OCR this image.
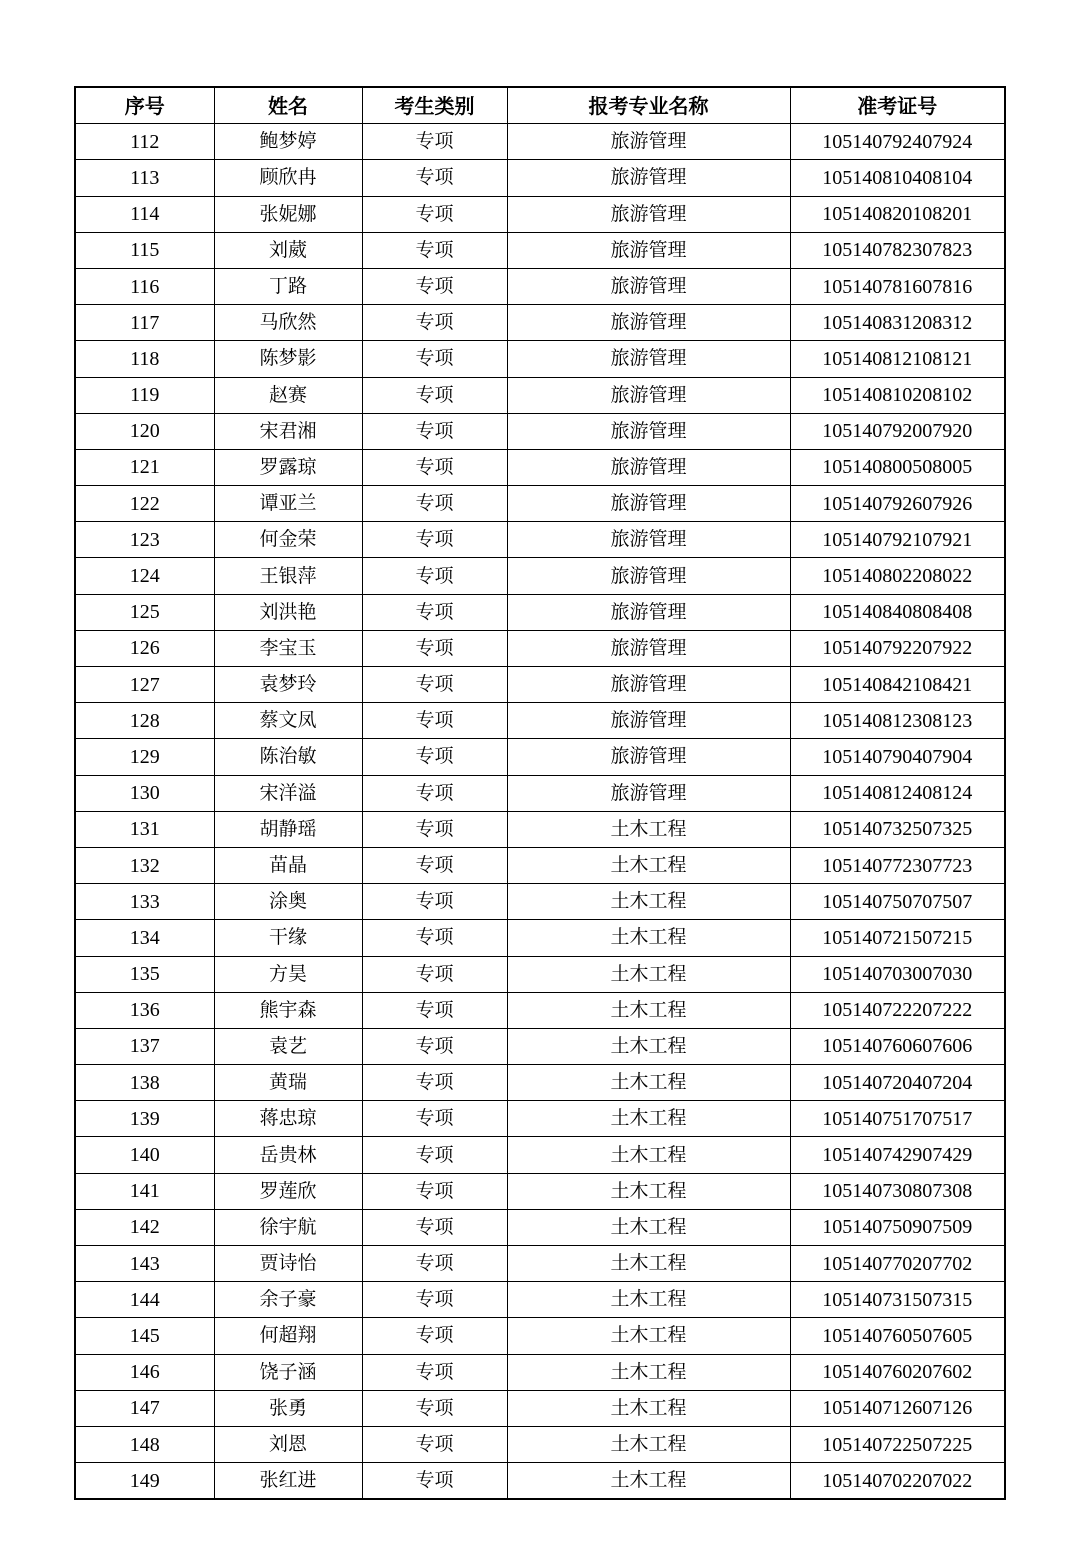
序号	姓名	考生类别	报考专业名称	准考证号
112	鲍梦婷	专项	旅游管理	105140792407924
113	顾欣冉	专项	旅游管理	105140810408104
114	张妮娜	专项	旅游管理	105140820108201
115	刘葳	专项	旅游管理	105140782307823
116	丁路	专项	旅游管理	105140781607816
117	马欣然	专项	旅游管理	105140831208312
118	陈梦影	专项	旅游管理	105140812108121
119	赵赛	专项	旅游管理	105140810208102
120	宋君湘	专项	旅游管理	105140792007920
121	罗露琼	专项	旅游管理	105140800508005
122	谭亚兰	专项	旅游管理	105140792607926
123	何金荣	专项	旅游管理	105140792107921
124	王银萍	专项	旅游管理	105140802208022
125	刘洪艳	专项	旅游管理	105140840808408
126	李宝玉	专项	旅游管理	105140792207922
127	袁梦玲	专项	旅游管理	105140842108421
128	蔡文凤	专项	旅游管理	105140812308123
129	陈治敏	专项	旅游管理	105140790407904
130	宋洋溢	专项	旅游管理	105140812408124
131	胡静瑶	专项	土木工程	105140732507325
132	苗晶	专项	土木工程	105140772307723
133	涂奥	专项	土木工程	105140750707507
134	干缘	专项	土木工程	105140721507215
135	方昊	专项	土木工程	105140703007030
136	熊宇森	专项	土木工程	105140722207222
137	袁艺	专项	土木工程	105140760607606
138	黄瑞	专项	土木工程	105140720407204
139	蒋忠琼	专项	土木工程	105140751707517
140	岳贵林	专项	土木工程	105140742907429
141	罗莲欣	专项	土木工程	105140730807308
142	徐宇航	专项	土木工程	105140750907509
143	贾诗怡	专项	土木工程	105140770207702
144	余子豪	专项	土木工程	105140731507315
145	何超翔	专项	土木工程	105140760507605
146	饶子涵	专项	土木工程	105140760207602
147	张勇	专项	土木工程	105140712607126
148	刘恩	专项	土木工程	105140722507225
149	张红进	专项	土木工程	105140702207022
